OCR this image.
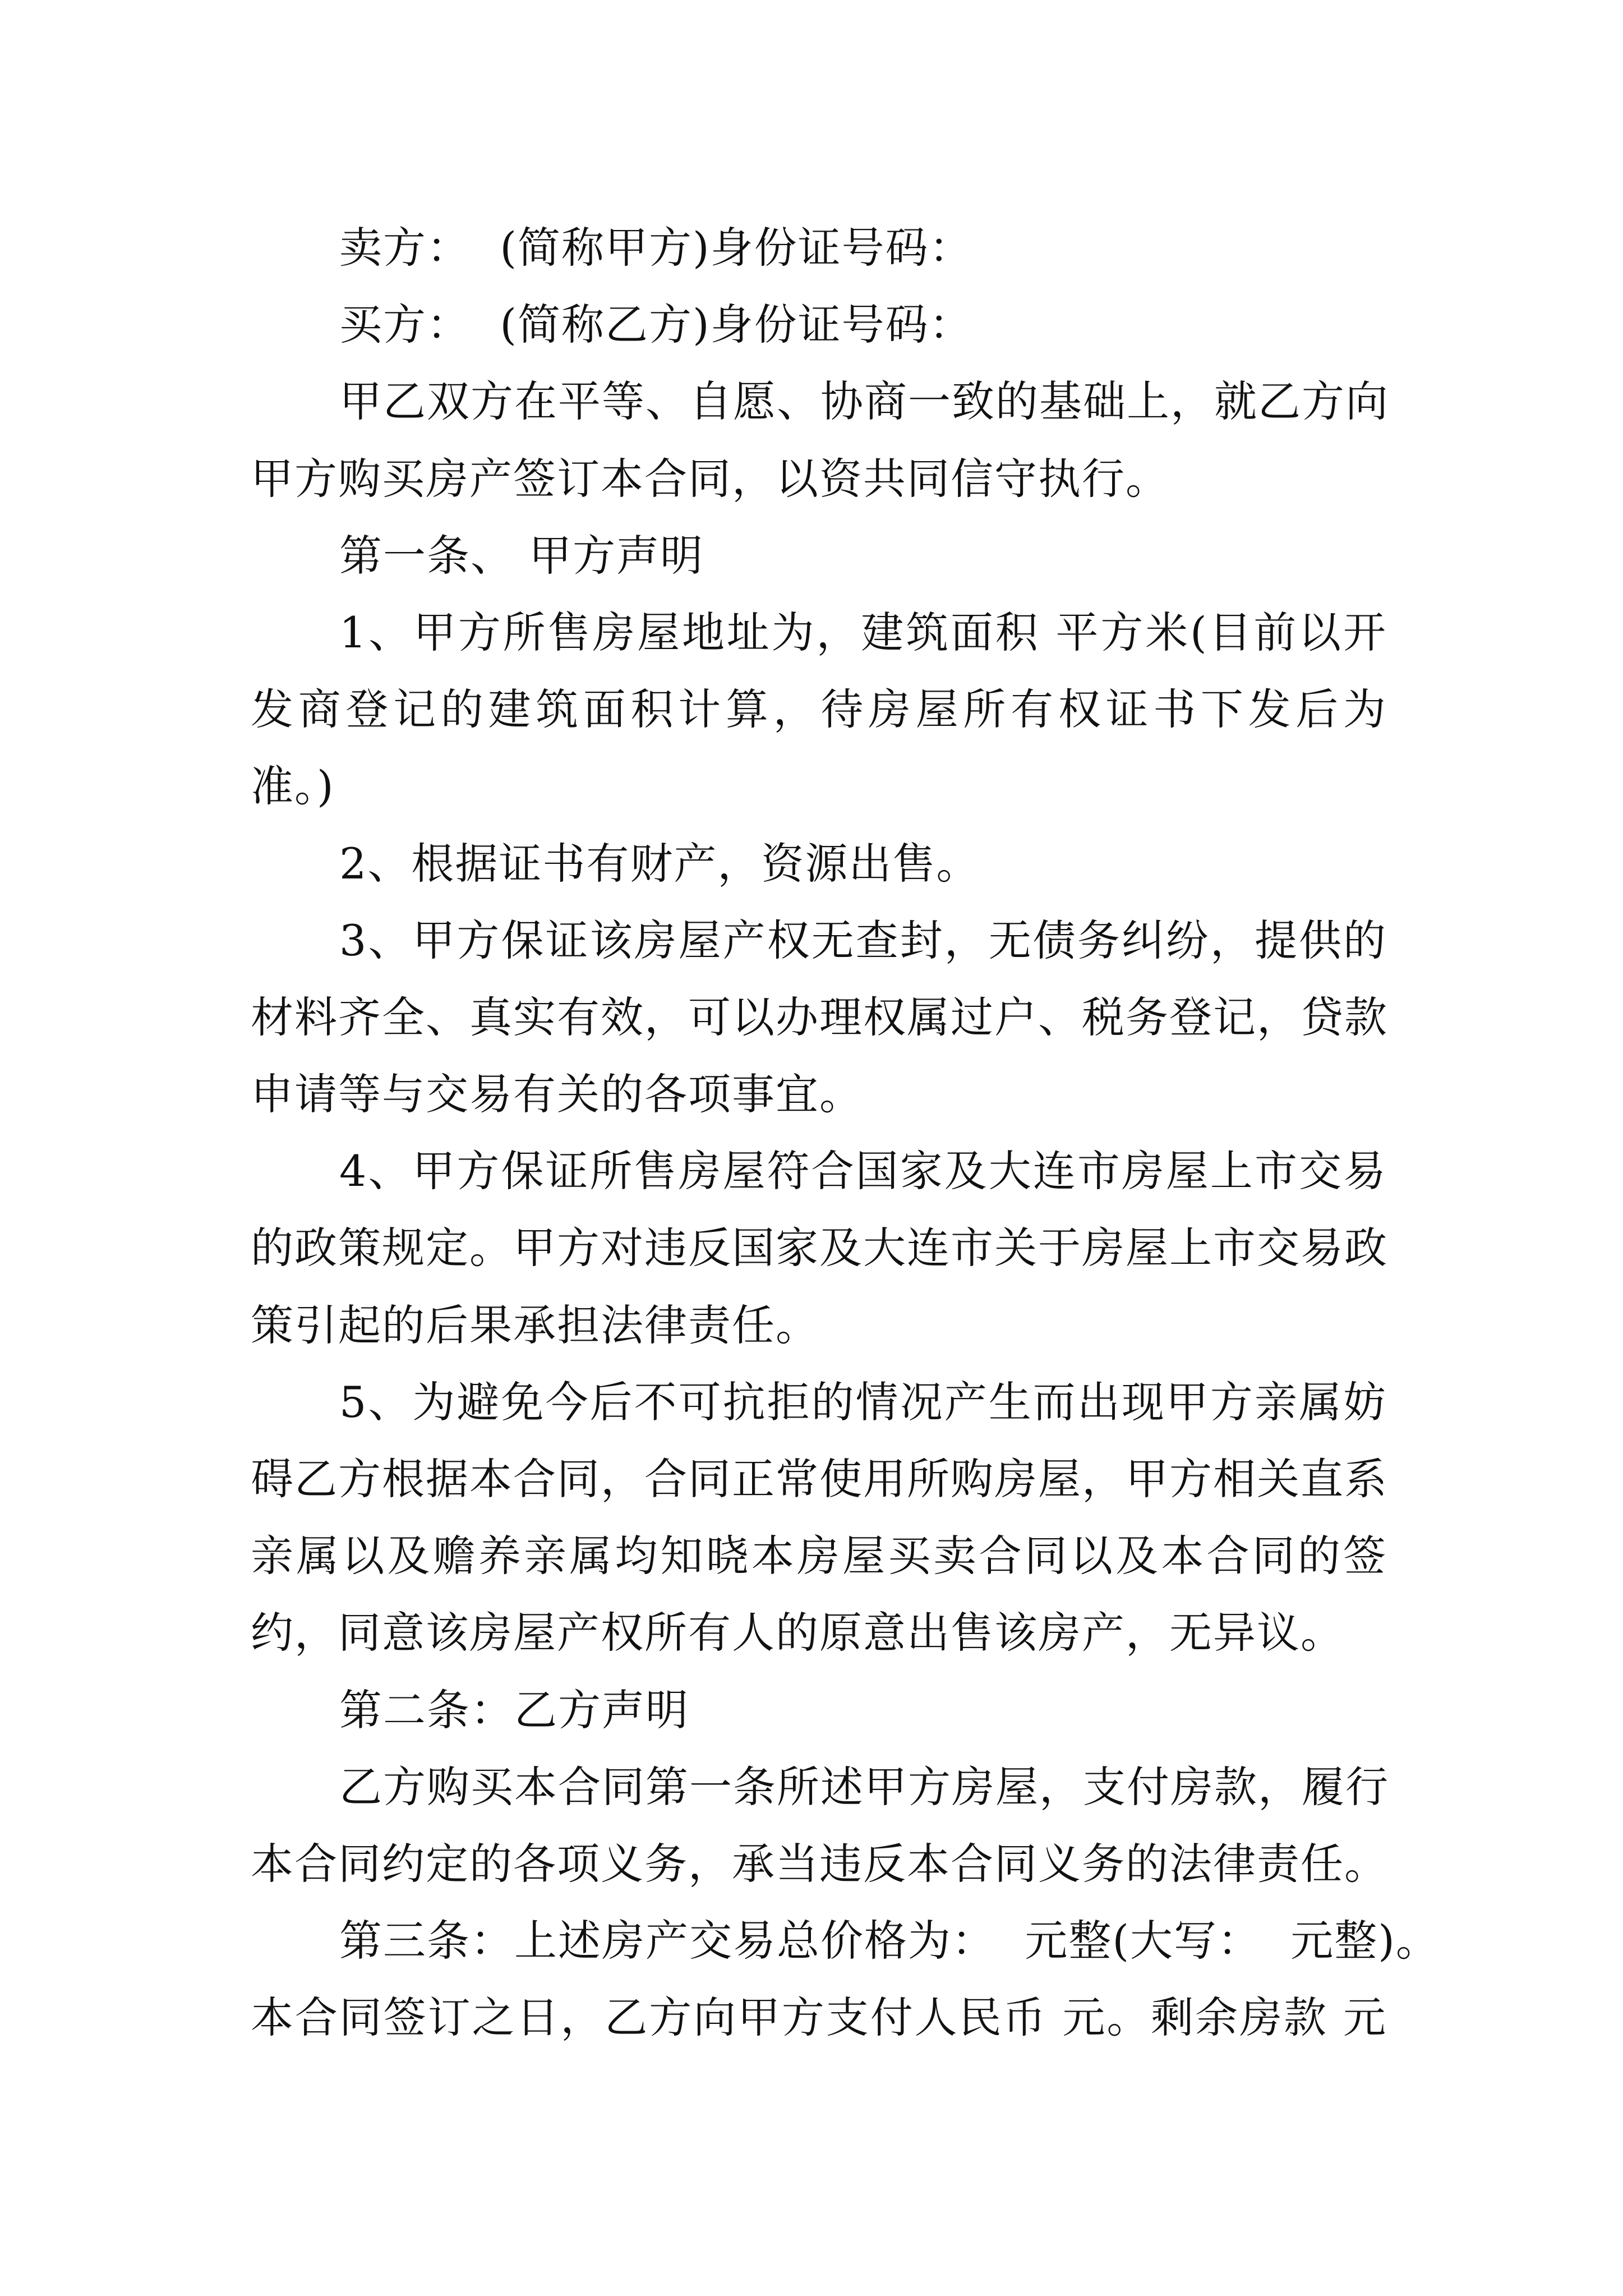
卖方：  (简称甲方)身份证号码：
买方：  (简称乙方)身份证号码：
甲乙双方在平等、自愿、协商一致的基础上，就乙方向
甲方购买房产签订本合同，以资共同信守执行。
第一条、 甲方声明
1、甲方所售房屋地址为，建筑面积 平方米(目前以开
发商登记的建筑面积计算，待房屋所有权证书下发后为
准。)
2、根据证书有财产，资源出售。
3、甲方保证该房屋产权无查封，无债务纠纷，提供的
材料齐全、真实有效，可以办理权属过户、税务登记，贷款
申请等与交易有关的各项事宜。
4、甲方保证所售房屋符合国家及大连市房屋上市交易
的政策规定。甲方对违反国家及大连市关于房屋上市交易政
策引起的后果承担法律责任。
5、为避免今后不可抗拒的情况产生而出现甲方亲属妨
碍乙方根据本合同，合同正常使用所购房屋，甲方相关直系
亲属以及赡养亲属均知晓本房屋买卖合同以及本合同的签
约，同意该房屋产权所有人的原意出售该房产，无异议。
第二条：乙方声明
乙方购买本合同第一条所述甲方房屋，支付房款，履行
本合同约定的各项义务，承当违反本合同义务的法律责任。
第三条：上述房产交易总价格为：  元整(大写：  元整)。
本合同签订之日，乙方向甲方支付人民币 元。剩余房款 元
